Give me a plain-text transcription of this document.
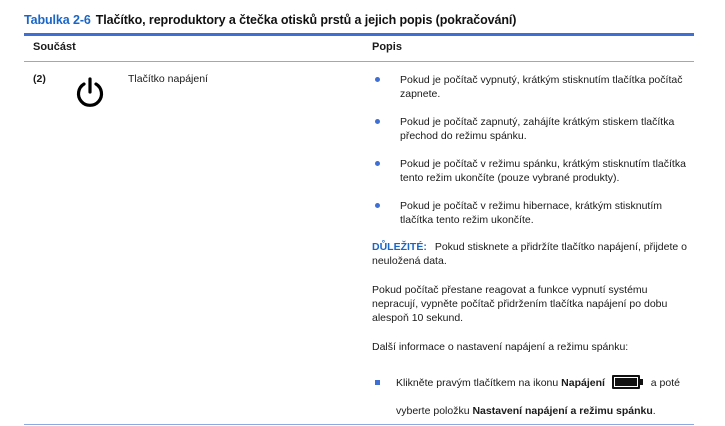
Tabulka 2-6 Tlačítko, reproduktory a čtečka otisků prstů a jejich popis (pokračování)
Součást	Popis
(2)	Tlačítko napájení	Pokud je počítač vypnutý, krátkým stisknutím tlačítka počítač zapnete.
Pokud je počítač zapnutý, zahájíte krátkým stiskem tlačítka přechod do režimu spánku.
Pokud je počítač v režimu spánku, krátkým stisknutím tlačítka tento režim ukončíte (pouze vybrané produkty).
Pokud je počítač v režimu hibernace, krátkým stisknutím tlačítka tento režim ukončíte.

DŮLEŽITÉ: Pokud stisknete a přidržíte tlačítko napájení, přijdete o neuložená data.

Pokud počítač přestane reagovat a funkce vypnutí systému nepracují, vypněte počítač přidržením tlačítka napájení po dobu alespoň 10 sekund.

Další informace o nastavení napájení a režimu spánku:

Klikněte pravým tlačítkem na ikonu Napájení	a poté
vyberte položku Nastavení napájení a režimu spánku.
